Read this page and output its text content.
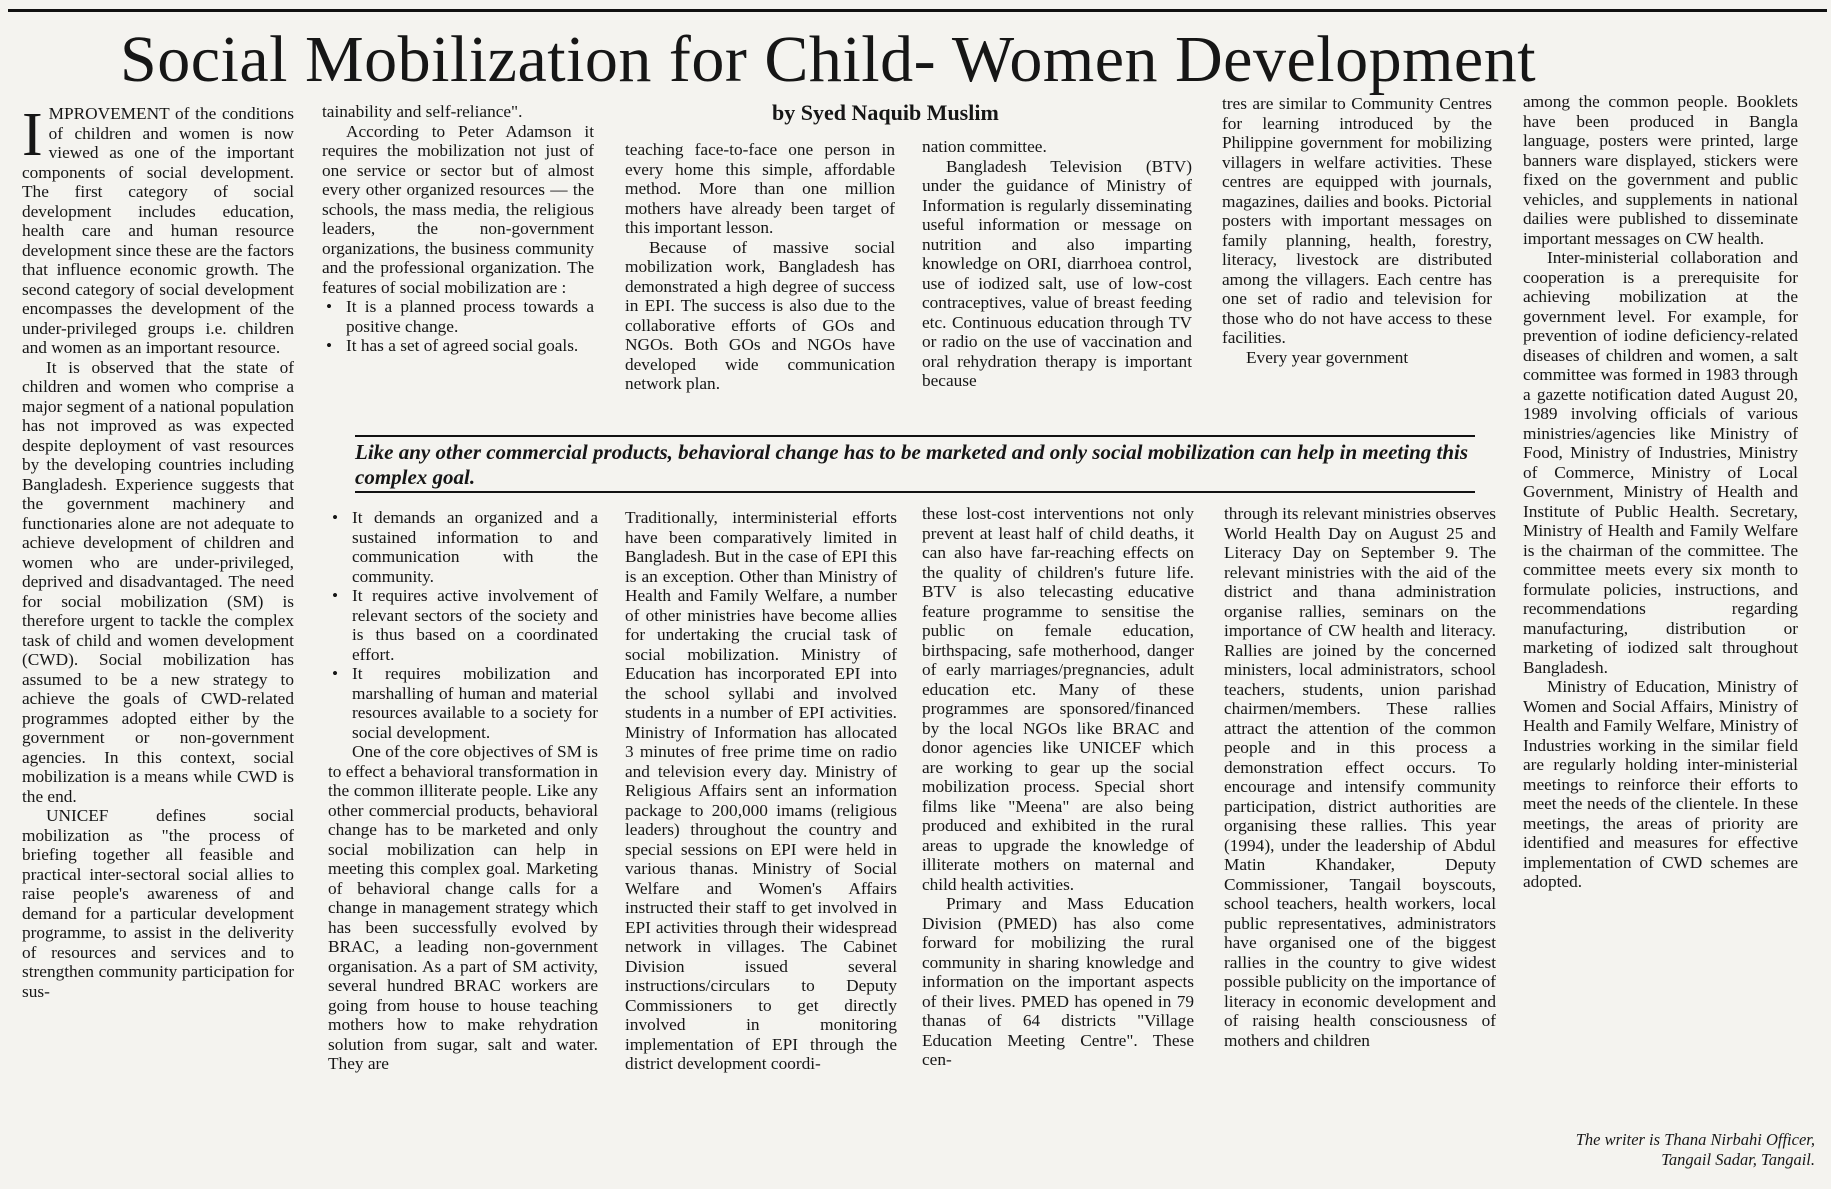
Social Mobilization for Child- Women Development
by Syed Naquib Muslim

IMPROVEMENT of the conditions of children and women is now viewed as one of the important components of social development. The first category of social development includes education, health care and human resource development since these are the factors that influence economic growth. The second category of social development encompasses the development of the under-privileged groups i.e. children and women as an important resource.

It is observed that the state of children and women who comprise a major segment of a national population has not improved as was expected despite deployment of vast resources by the developing countries including Bangladesh. Experience suggests that the government machinery and functionaries alone are not adequate to achieve development of children and women who are under-privileged, deprived and disadvantaged. The need for social mobilization (SM) is therefore urgent to tackle the complex task of child and women development (CWD). Social mobilization has assumed to be a new strategy to achieve the goals of CWD-related programmes adopted either by the government or non-government agencies. In this context, social mobilization is a means while CWD is the end.

UNICEF defines social mobilization as "the process of briefing together all feasible and practical inter-sectoral social allies to raise people's awareness of and demand for a particular development programme, to assist in the deliverity of resources and services and to strengthen community participation for sus-

tainability and self-reliance".

According to Peter Adamson it requires the mobilization not just of one service or sector but of almost every other organized resources — the schools, the mass media, the religious leaders, the non-government organizations, the business community and the professional organization. The features of social mobilization are :

• It is a planned process towards a positive change.
• It has a set of agreed social goals.
• It demands an organized and a sustained information to and communication with the community.
• It requires active involvement of relevant sectors of the society and is thus based on a coordinated effort.
• It requires mobilization and marshalling of human and material resources available to a society for social development.

One of the core objectives of SM is to effect a behavioral transformation in the common illiterate people. Like any other commercial products, behavioral change has to be marketed and only social mobilization can help in meeting this complex goal. Marketing of behavioral change calls for a change in management strategy which has been successfully evolved by BRAC, a leading non-government organisation. As a part of SM activity, several hundred BRAC workers are going from house to house teaching mothers how to make rehydration solution from sugar, salt and water. They are

teaching face-to-face one person in every home this simple, affordable method. More than one million mothers have already been target of this important lesson.

Because of massive social mobilization work, Bangladesh has demonstrated a high degree of success in EPI. The success is also due to the collaborative efforts of GOs and NGOs. Both GOs and NGOs have developed wide communication network plan.

Traditionally, interministerial efforts have been comparatively limited in Bangladesh. But in the case of EPI this is an exception. Other than Ministry of Health and Family Welfare, a number of other ministries have become allies for undertaking the crucial task of social mobilization. Ministry of Education has incorporated EPI into the school syllabi and involved students in a number of EPI activities. Ministry of Information has allocated 3 minutes of free prime time on radio and television every day. Ministry of Religious Affairs sent an information package to 200,000 imams (religious leaders) throughout the country and special sessions on EPI were held in various thanas. Ministry of Social Welfare and Women's Affairs instructed their staff to get involved in EPI activities through their widespread network in villages. The Cabinet Division issued several instructions/circulars to Deputy Commissioners to get directly involved in monitoring implementation of EPI through the district development coordi-

nation committee.

Bangladesh Television (BTV) under the guidance of Ministry of Information is regularly disseminating useful information or message on nutrition and also imparting knowledge on ORI, diarrhoea control, use of iodized salt, use of low-cost contraceptives, value of breast feeding etc. Continuous education through TV or radio on the use of vaccination and oral rehydration therapy is important because

these lost-cost interventions not only prevent at least half of child deaths, it can also have far-reaching effects on the quality of children's future life. BTV is also telecasting educative feature programme to sensitise the public on female education, birthspacing, safe motherhood, danger of early marriages/pregnancies, adult education etc. Many of these programmes are sponsored/financed by the local NGOs like BRAC and donor agencies like UNICEF which are working to gear up the social mobilization process. Special short films like "Meena" are also being produced and exhibited in the rural areas to upgrade the knowledge of illiterate mothers on maternal and child health activities.

Primary and Mass Education Division (PMED) has also come forward for mobilizing the rural community in sharing knowledge and information on the important aspects of their lives. PMED has opened in 79 thanas of 64 districts "Village Education Meeting Centre". These cen-

tres are similar to Community Centres for learning introduced by the Philippine government for mobilizing villagers in welfare activities. These centres are equipped with journals, magazines, dailies and books. Pictorial posters with important messages on family planning, health, forestry, literacy, livestock are distributed among the villagers. Each centre has one set of radio and television for those who do not have access to these facilities.

Every year government

through its relevant ministries observes World Health Day on August 25 and Literacy Day on September 9. The relevant ministries with the aid of the district and thana administration organise rallies, seminars on the importance of CW health and literacy. Rallies are joined by the concerned ministers, local administrators, school teachers, students, union parishad chairmen/members. These rallies attract the attention of the common people and in this process a demonstration effect occurs. To encourage and intensify community participation, district authorities are organising these rallies. This year (1994), under the leadership of Abdul Matin Khandaker, Deputy Commissioner, Tangail boyscouts, school teachers, health workers, local public representatives, administrators have organised one of the biggest rallies in the country to give widest possible publicity on the importance of literacy in economic development and of raising health consciousness of mothers and children

among the common people. Booklets have been produced in Bangla language, posters were printed, large banners ware displayed, stickers were fixed on the government and public vehicles, and supplements in national dailies were published to disseminate important messages on CW health.

Inter-ministerial collaboration and cooperation is a prerequisite for achieving mobilization at the government level. For example, for prevention of iodine deficiency-related diseases of children and women, a salt committee was formed in 1983 through a gazette notification dated August 20, 1989 involving officials of various ministries/agencies like Ministry of Food, Ministry of Industries, Ministry of Commerce, Ministry of Local Government, Ministry of Health and Institute of Public Health. Secretary, Ministry of Health and Family Welfare is the chairman of the committee. The committee meets every six month to formulate policies, instructions, and recommendations regarding manufacturing, distribution or marketing of iodized salt throughout Bangladesh.

Ministry of Education, Ministry of Women and Social Affairs, Ministry of Health and Family Welfare, Ministry of Industries working in the similar field are regularly holding inter-ministerial meetings to reinforce their efforts to meet the needs of the clientele. In these meetings, the areas of priority are identified and measures for effective implementation of CWD schemes are adopted.

Like any other commercial products, behavioral change has to be marketed and only social mobilization can help in meeting this complex goal.
The writer is Thana Nirbahi Officer, Tangail Sadar, Tangail.
